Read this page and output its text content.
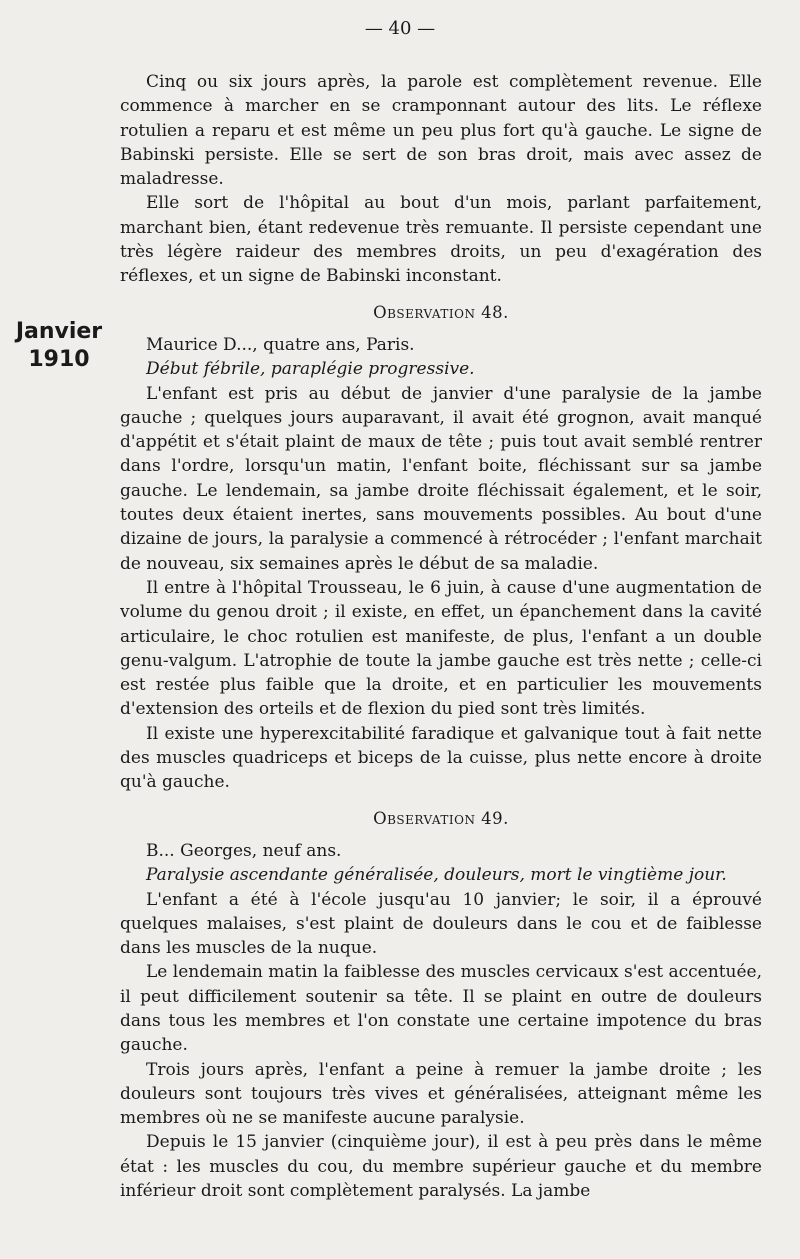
— 40 —
Janvier
1910

Cinq ou six jours après, la parole est complètement revenue. Elle commence à marcher en se cramponnant autour des lits. Le réflexe rotulien a reparu et est même un peu plus fort qu'à gauche. Le signe de Babinski persiste. Elle se sert de son bras droit, mais avec assez de maladresse.

Elle sort de l'hôpital au bout d'un mois, parlant parfaitement, marchant bien, étant redevenue très remuante. Il persiste cependant une très légère raideur des membres droits, un peu d'exagération des réflexes, et un signe de Babinski inconstant.

Observation 48.

Maurice D..., quatre ans, Paris.

Début fébrile, paraplégie progressive.

L'enfant est pris au début de janvier d'une paralysie de la jambe gauche ; quelques jours auparavant, il avait été grognon, avait manqué d'appétit et s'était plaint de maux de tête ; puis tout avait semblé rentrer dans l'ordre, lorsqu'un matin, l'enfant boite, fléchissant sur sa jambe gauche. Le lendemain, sa jambe droite fléchissait également, et le soir, toutes deux étaient inertes, sans mouvements possibles. Au bout d'une dizaine de jours, la paralysie a commencé à rétrocéder ; l'enfant marchait de nouveau, six semaines après le début de sa maladie.

Il entre à l'hôpital Trousseau, le 6 juin, à cause d'une augmentation de volume du genou droit ; il existe, en effet, un épanchement dans la cavité articulaire, le choc rotulien est manifeste, de plus, l'enfant a un double genu-valgum. L'atrophie de toute la jambe gauche est très nette ; celle-ci est restée plus faible que la droite, et en particulier les mouvements d'extension des orteils et de flexion du pied sont très limités.

Il existe une hyperexcitabilité faradique et galvanique tout à fait nette des muscles quadriceps et biceps de la cuisse, plus nette encore à droite qu'à gauche.

Observation 49.

B... Georges, neuf ans.

Paralysie ascendante généralisée, douleurs, mort le vingtième jour.

L'enfant a été à l'école jusqu'au 10 janvier; le soir, il a éprouvé quelques malaises, s'est plaint de douleurs dans le cou et de faiblesse dans les muscles de la nuque.

Le lendemain matin la faiblesse des muscles cervicaux s'est accentuée, il peut difficilement soutenir sa tête. Il se plaint en outre de douleurs dans tous les membres et l'on constate une certaine impotence du bras gauche.

Trois jours après, l'enfant a peine à remuer la jambe droite ; les douleurs sont toujours très vives et généralisées, atteignant même les membres où ne se manifeste aucune paralysie.

Depuis le 15 janvier (cinquième jour), il est à peu près dans le même état : les muscles du cou, du membre supérieur gauche et du membre inférieur droit sont complètement paralysés. La jambe
